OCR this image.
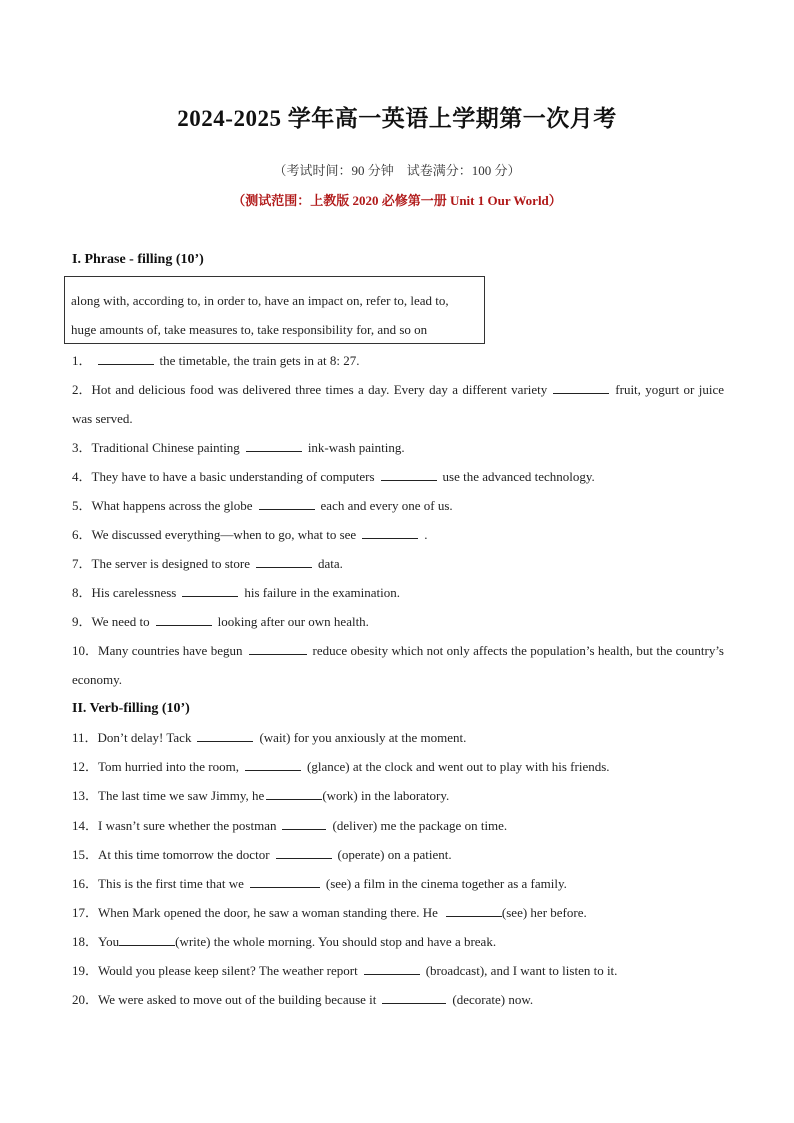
2024-2025 学年高一英语上学期第一次月考
（考试时间：90 分钟　试卷满分：100 分）
（测试范围：上教版 2020 必修第一册 Unit 1 Our World）
I. Phrase - filling (10’)
along with, according to, in order to, have an impact on, refer to, lead to,
huge amounts of, take measures to, take responsibility for, and so on
1．	the timetable, the train gets in at 8: 27.
2．Hot and delicious food was delivered three times a day. Every day a different variety	fruit, yogurt or juice was served.
3．Traditional Chinese painting	ink-wash painting.
4．They have to have a basic understanding of computers	use the advanced technology.
5．What happens across the globe	each and every one of us.
6．We discussed everything—when to go, what to see	.
7．The server is designed to store	data.
8．His carelessness	his failure in the examination.
9．We need to	looking after our own health.
10．Many countries have begun	reduce obesity which not only affects the population’s health, but the country’s economy.
II. Verb-filling (10’)
11．Don’t delay! Tack	(wait) for you anxiously at the moment.
12．Tom hurried into the room,	(glance) at the clock and went out to play with his friends.
13．The last time we saw Jimmy, he	(work) in the laboratory.
14．I wasn’t sure whether the postman	(deliver) me the package on time.
15．At this time tomorrow the doctor	(operate) on a patient.
16．This is the first time that we	(see) a film in the cinema together as a family.
17．When Mark opened the door, he saw a woman standing there. He	(see) her before.
18．You	(write) the whole morning. You should stop and have a break.
19．Would you please keep silent? The weather report	(broadcast), and I want to listen to it.
20．We were asked to move out of the building because it	(decorate) now.
